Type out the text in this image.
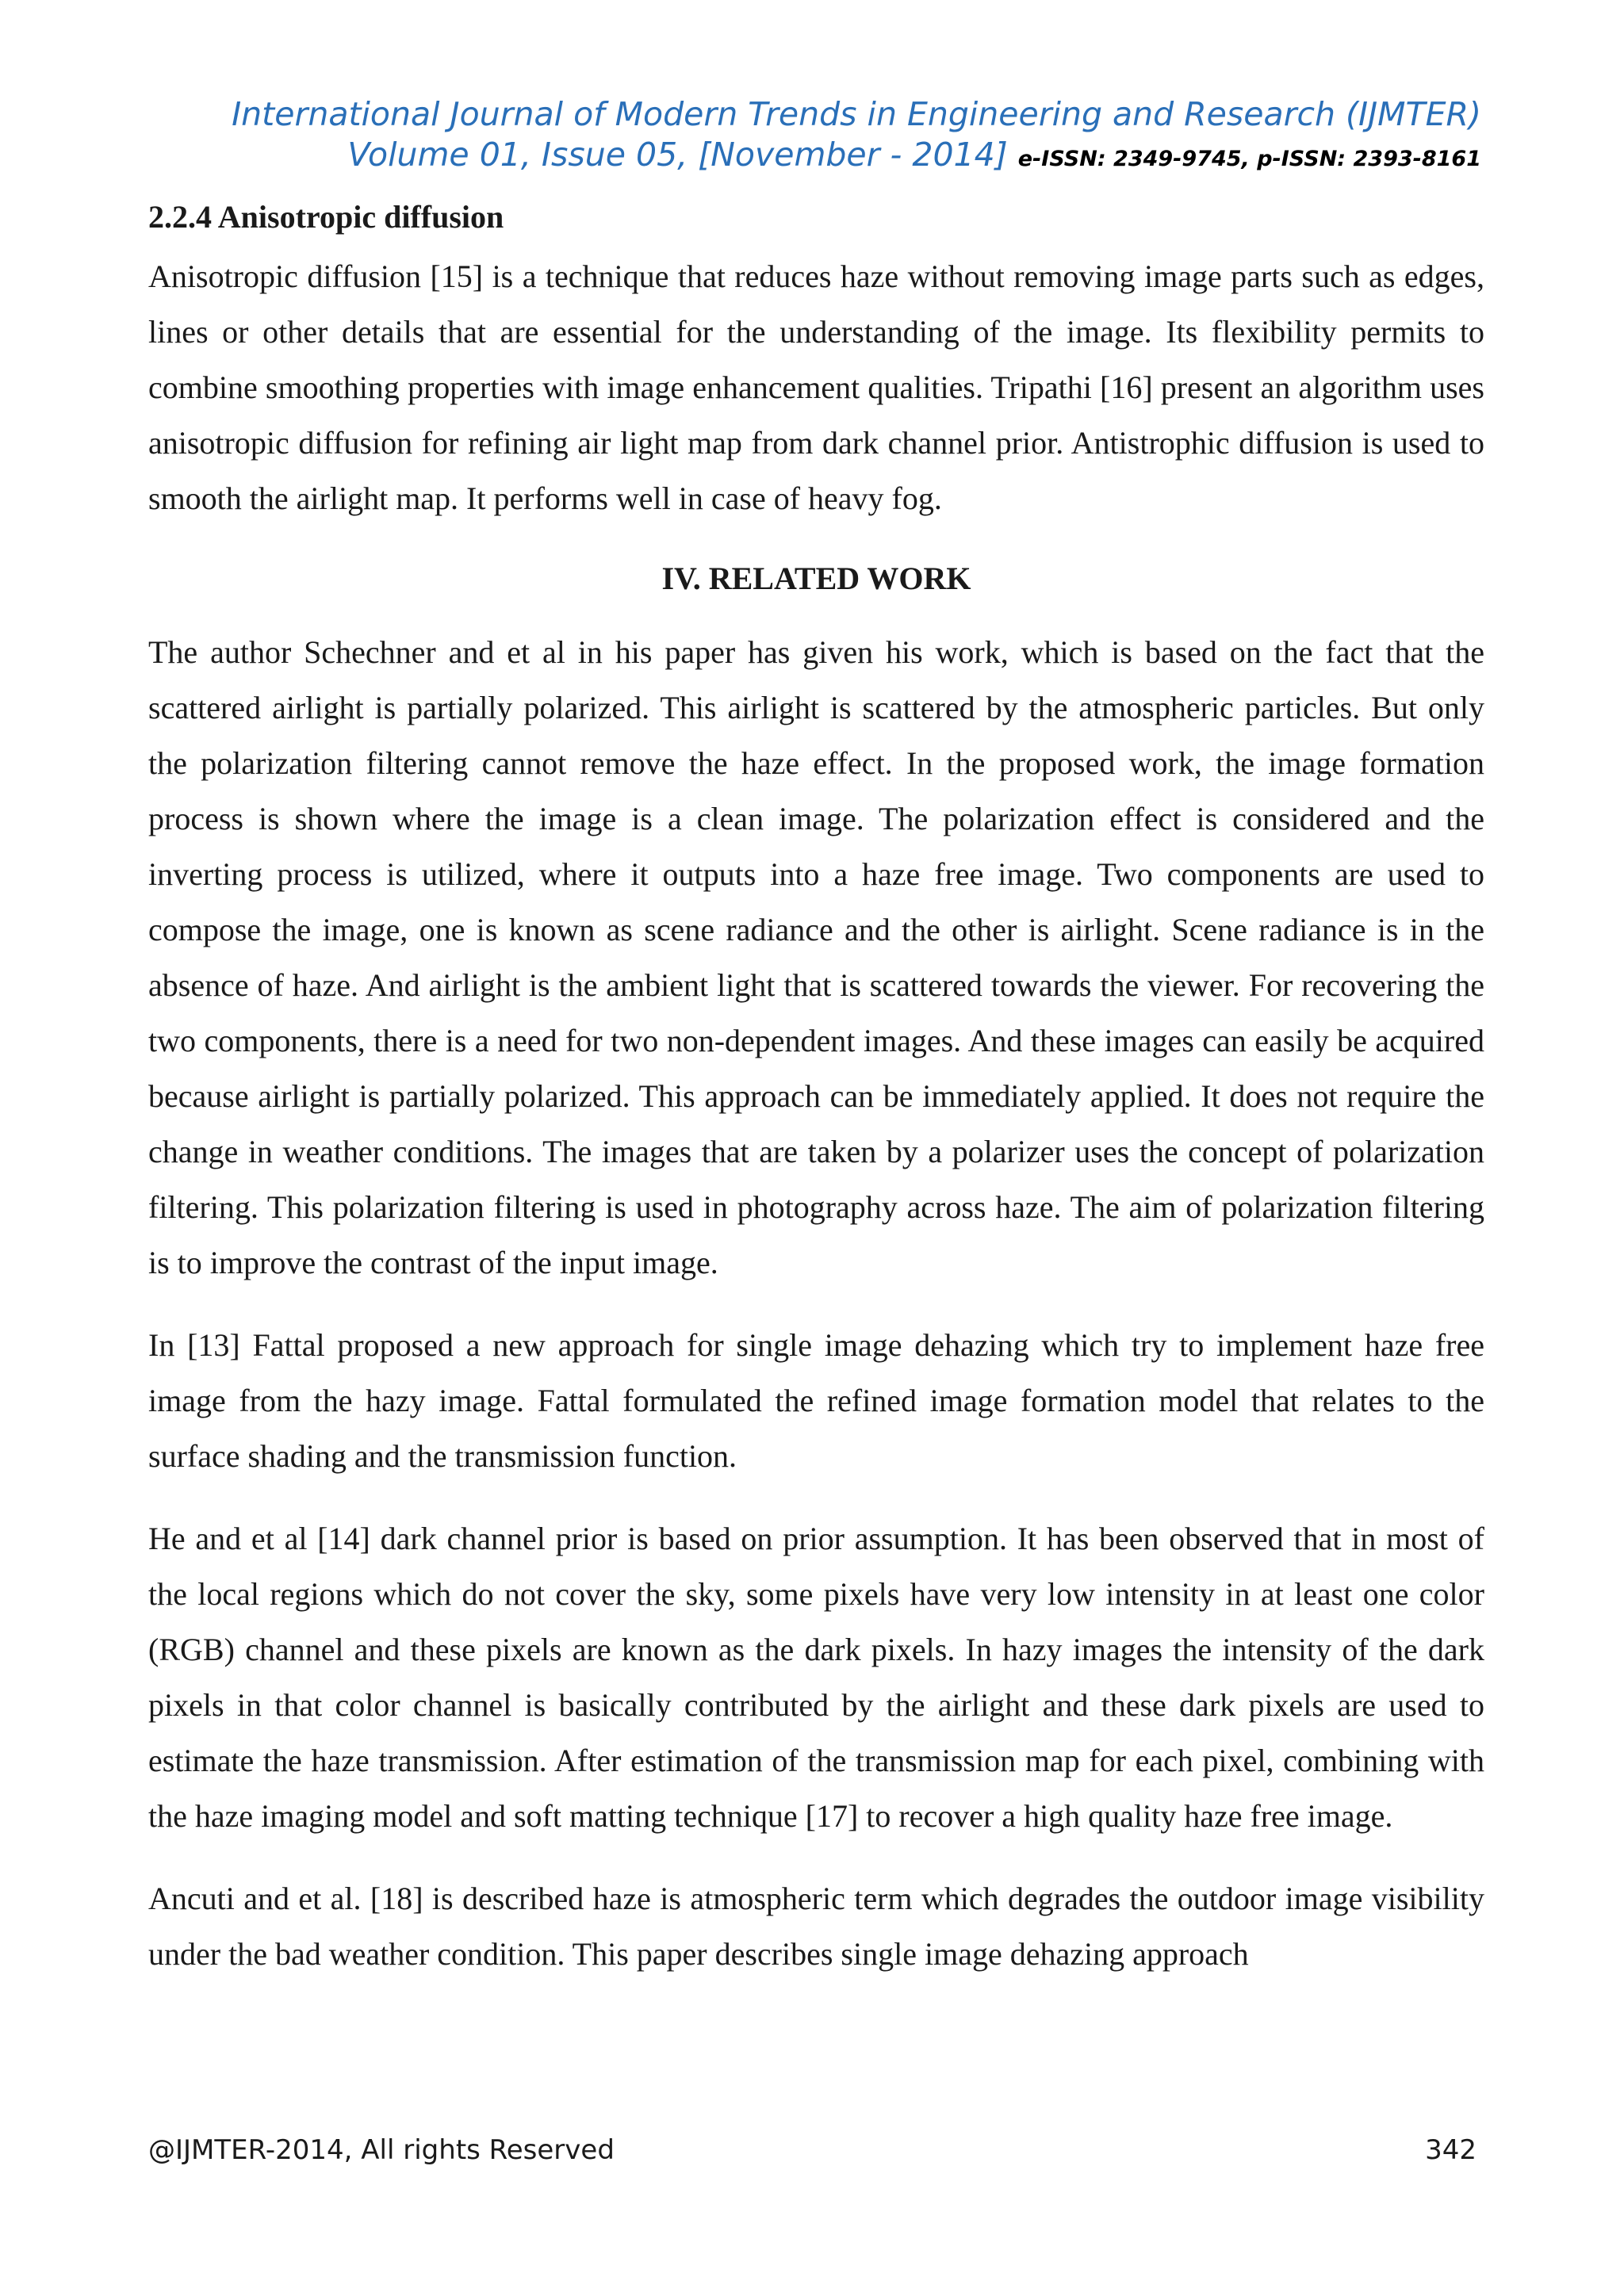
International Journal of Modern Trends in Engineering and Research (IJMTER)
Volume 01, Issue 05, [November - 2014] e-ISSN: 2349-9745, p-ISSN: 2393-8161
2.2.4 Anisotropic diffusion

Anisotropic diffusion [15] is a technique that reduces haze without removing image parts such as edges, lines or other details that are essential for the understanding of the image. Its flexibility permits to combine smoothing properties with image enhancement qualities. Tripathi [16] present an algorithm uses anisotropic diffusion for refining air light map from dark channel prior. Antistrophic diffusion is used to smooth the airlight map. It performs well in case of heavy fog.

IV. RELATED WORK

The author Schechner and et al in his paper has given his work, which is based on the fact that the scattered airlight is partially polarized. This airlight is scattered by the atmospheric particles. But only the polarization filtering cannot remove the haze effect. In the proposed work, the image formation process is shown where the image is a clean image. The polarization effect is considered and the inverting process is utilized, where it outputs into a haze free image. Two components are used to compose the image, one is known as scene radiance and the other is airlight. Scene radiance is in the absence of haze. And airlight is the ambient light that is scattered towards the viewer. For recovering the two components, there is a need for two non-dependent images. And these images can easily be acquired because airlight is partially polarized. This approach can be immediately applied. It does not require the change in weather conditions. The images that are taken by a polarizer uses the concept of polarization filtering. This polarization filtering is used in photography across haze. The aim of polarization filtering is to improve the contrast of the input image.

In [13] Fattal proposed a new approach for single image dehazing which try to implement haze free image from the hazy image. Fattal formulated the refined image formation model that relates to the surface shading and the transmission function.

He and et al [14] dark channel prior is based on prior assumption. It has been observed that in most of the local regions which do not cover the sky, some pixels have very low intensity in at least one color (RGB) channel and these pixels are known as the dark pixels. In hazy images the intensity of the dark pixels in that color channel is basically contributed by the airlight and these dark pixels are used to estimate the haze transmission. After estimation of the transmission map for each pixel, combining with the haze imaging model and soft matting technique [17] to recover a high quality haze free image.

Ancuti and et al. [18] is described haze is atmospheric term which degrades the outdoor image visibility under the bad weather condition. This paper describes single image dehazing approach

@IJMTER-2014, All rights Reserved	342
